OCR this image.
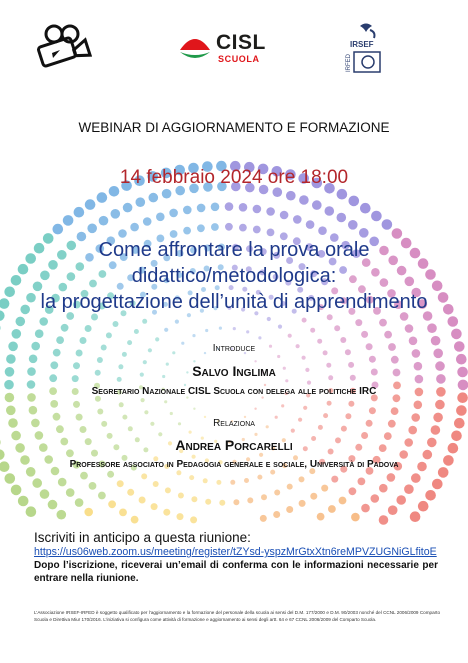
CISL
SCUOLA
IRSEF
IRFED
WEBINAR DI AGGIORNAMENTO E FORMAZIONE
14 febbraio 2024 ore 18:00
Come affrontare la prova orale
didattico/metodologica:
la progettazione dell’unità di apprendimento
Introduce
Salvo Inglima
Segretario Nazionale CISL Scuola con delega alle politiche IRC
Relaziona
Andrea Porcarelli
Professore associato in Pedagogia generale e sociale, Università di Padova
Iscriviti in anticipo a questa riunione:
https://us06web.zoom.us/meeting/register/tZYsd-yspzMrGtxXtn6reMPVZUGNiGLfitoE
Dopo l’iscrizione, riceverai un’email di conferma con le informazioni necessarie per entrare nella riunione.
L’Associazione IRSEF-IRFED è soggetto qualificato per l’aggiornamento e la formazione del personale della scuola ai sensi del D.M. 177/2000 e D.M. 90/2003 nonché del CCNL 2006/2009 Comparto Scuola e Direttiva Miur 170/2016. L’iniziativa si configura come attività di formazione e aggiornamento ai sensi degli artt. 64 e 67 CCNL 2006/2009 del Comparto Scuola.
